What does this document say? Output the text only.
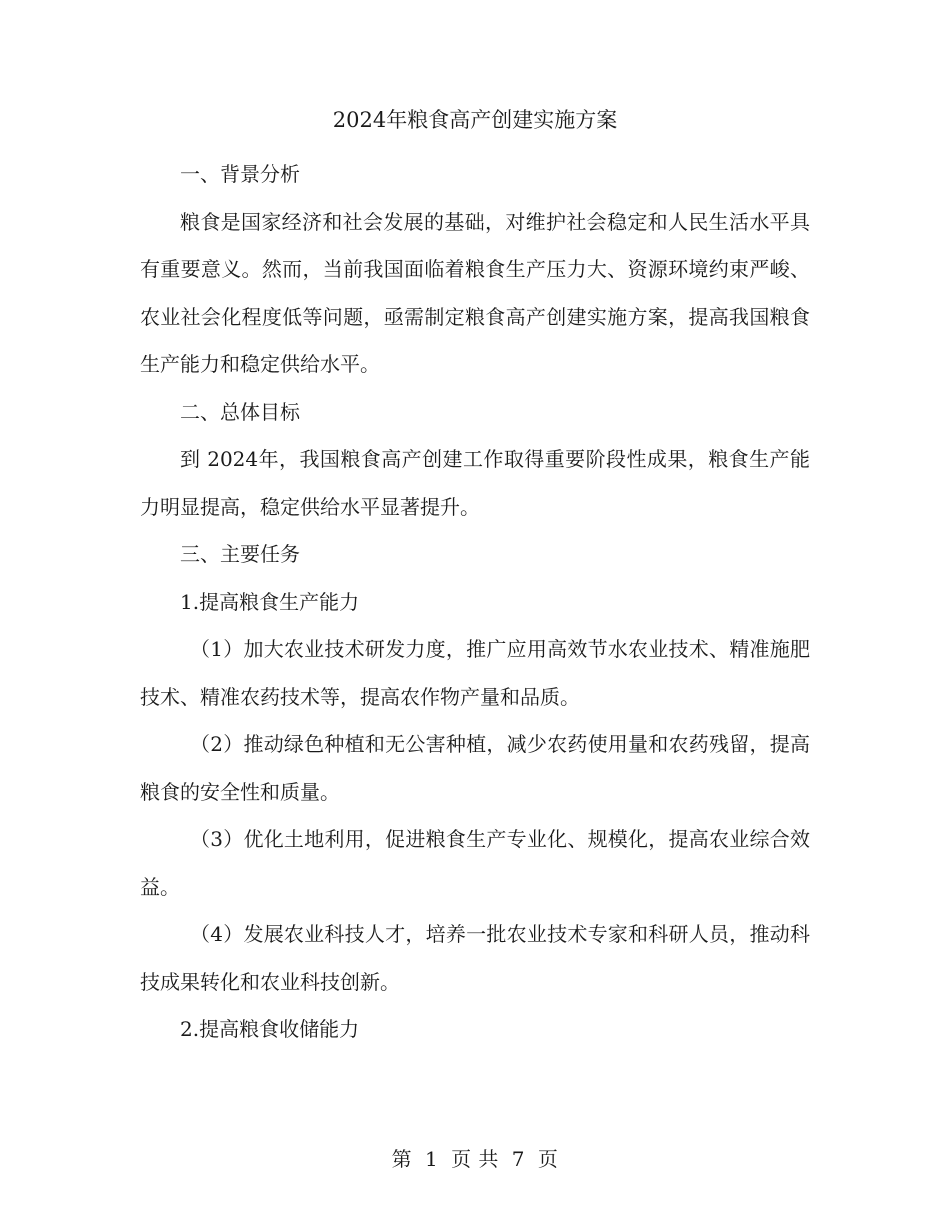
2024年粮食高产创建实施方案
一、背景分析
粮食是国家经济和社会发展的基础，对维护社会稳定和人民生活水平具有重要意义。然而，当前我国面临着粮食生产压力大、资源环境约束严峻、农业社会化程度低等问题，亟需制定粮食高产创建实施方案，提高我国粮食生产能力和稳定供给水平。
二、总体目标
到 2024年，我国粮食高产创建工作取得重要阶段性成果，粮食生产能力明显提高，稳定供给水平显著提升。
三、主要任务
1.提高粮食生产能力
（1）加大农业技术研发力度，推广应用高效节水农业技术、精准施肥技术、精准农药技术等，提高农作物产量和品质。
（2）推动绿色种植和无公害种植，减少农药使用量和农药残留，提高粮食的安全性和质量。
（3）优化土地利用，促进粮食生产专业化、规模化，提高农业综合效益。
（4）发展农业科技人才，培养一批农业技术专家和科研人员，推动科技成果转化和农业科技创新。
2.提高粮食收储能力
第 1 页 共 7 页
